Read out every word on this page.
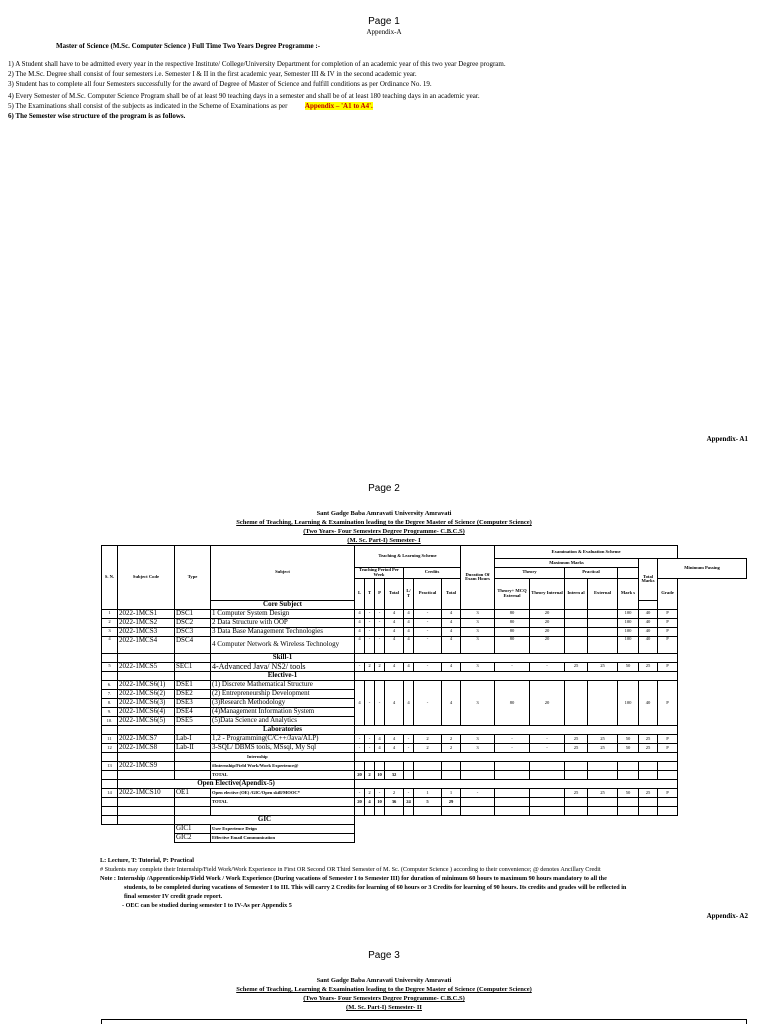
Page 1
Appendix-A
Master of Science (M.Sc. Computer Science ) Full Time Two Years Degree Programme :-
1) A Student shall have to be admitted every year in the respective Institute/ College/University Department for completion of an academic year of this two year Degree program.
2) The M.Sc. Degree shall consist of four semesters i.e. Semester I & II in the first academic year, Semester III & IV in the second academic year.
3) Student has to complete all four Semesters successfully for the award of Degree of Master of Science and fulfill conditions as per Ordinance No. 19.
4) Every Semester of M.Sc. Computer Science Program shall be of at least 90 teaching days in a semester and shall be of at least 180 teaching days in an academic year.
5) The Examinations shall consist of the subjects as indicated in the Scheme of Examinations as per	Appendix – 'A1 to A4'.
6) The Semester wise structure of the program is as follows.
Appendix- A1
Page 2
Sant Gadge Baba Amravati University Amravati
Scheme of Teaching, Learning & Examination leading to the Degree Master of Science (Computer Science)
(Two Years- Four Semesters Degree Programme- C.B.C.S)
(M. Sc. Part-I) Semester- I
S. N.	Subject Code	Type	Subject	Teaching & Learning Scheme							Duration Of Exam Hours	Examination & Evaluation Scheme						
												Maximum Marks					Total Marks	Minimum Passing
				Teaching Period Per Week				Credits				Theory		Practical				
				L	T	P	Total	L/ T	Practical	Total		Theory+ MCQ External	Theory Internal	Intern al	External	Mark s		Grade
			Core Subject															
1	2022-1MCS1	DSC1	1 Computer System Design	4	-	-	4	4	-	4	3	80	20			100	40	P
2	2022-1MCS2	DSC2	2 Data Structure with OOP	4	-	-	4	4	-	4	3	80	20			100	40	P
3	2022-1MCS3	DSC3	3 Data Base Management Technologies	4	-	-	4	4	-	4	3	80	20			100	40	P
4	2022-1MCS4	DSC4	4 Computer Network & Wireless Technology	4	-	-	4	4	-	4	3	80	20			100	40	P
			Skill-1															
5	2022-1MCS5	SEC1	4-Advanced Java/ NS2/ tools	-	2	2	4	4	-	4	3	-	-	25	25	50	25	P
			Elective-1															
6.	2022-1MCS6(1)	DSE1	(1) Discrete Mathematical Structure	4	-	-	4	4	-	4	3	80	20			100	40	P
7.	2022-1MCS6(2)	DSE2	(2) Entrepreneurship Development															
8.	2022-1MCS6(3)	DSE3	(3)Research Methodology															
9.	2022-1MCS6(4)	DSE4	(4)Management Information System															
10.	2022-1MCS6(5)	DSE5	(5)Data Science and Analytics															
			Laboratories															
11	2022-1MCS7	Lab-I	1,2 - Programming(C/C++/Java/ALP)	-	-	4	4	-	2	2	3	-	-	25	25	50	25	P
12	2022-1MCS8	Lab-II	3-SQL/ DBMS tools, MSsql, My Sql	-	-	4	4	-	2	2	3	-	-	25	25	50	25	P
			Internship															
13	2022-1MCS9		#Internship/Field Work/Work Experience@															
			TOTAL	20	2	10	32											
	Open Elective(Apendix-5)																	
14	2022-1MCS10	OE1	Open elective (OE) /GIC/Open skill/MOOC*	-	2	-	2	-	1	1	-			25	25	50	25	P
			TOTAL	20	4	10	36	24	5	29								

		GIC																
		GIC1	User Experience Deign															
		GIC2	Effective Email Communication															
L: Lecture, T: Tutorial, P: Practical
# Students may complete their Internship/Field Work/Work Experience in First OR Second OR Third Semester of M. Sc. (Computer Science ) according to their convenience; @ denotes Ancillary Credit
Note : Internship /Apprenticeship/Field Work / Work Experience (During vacations of Semester I to Semester III) for duration of minimum 60 hours to maximum 90 hours mandatory to all the
students, to be completed during vacations of Semester I to III. This will carry 2 Credits for learning of 60 hours or 3 Credits for learning of 90 hours. Its credits and grades will be reflected in
final semester IV credit grade report.
- OEC can be studied during semester I to IV-As per Appendix 5
Appendix- A2
Page 3
Sant Gadge Baba Amravati University Amravati
Scheme of Teaching, Learning & Examination leading to the Degree Master of Science (Computer Science)
(Two Years- Four Semesters Degree Programme- C.B.C.S)
(M. Sc. Part-I) Semester- II
